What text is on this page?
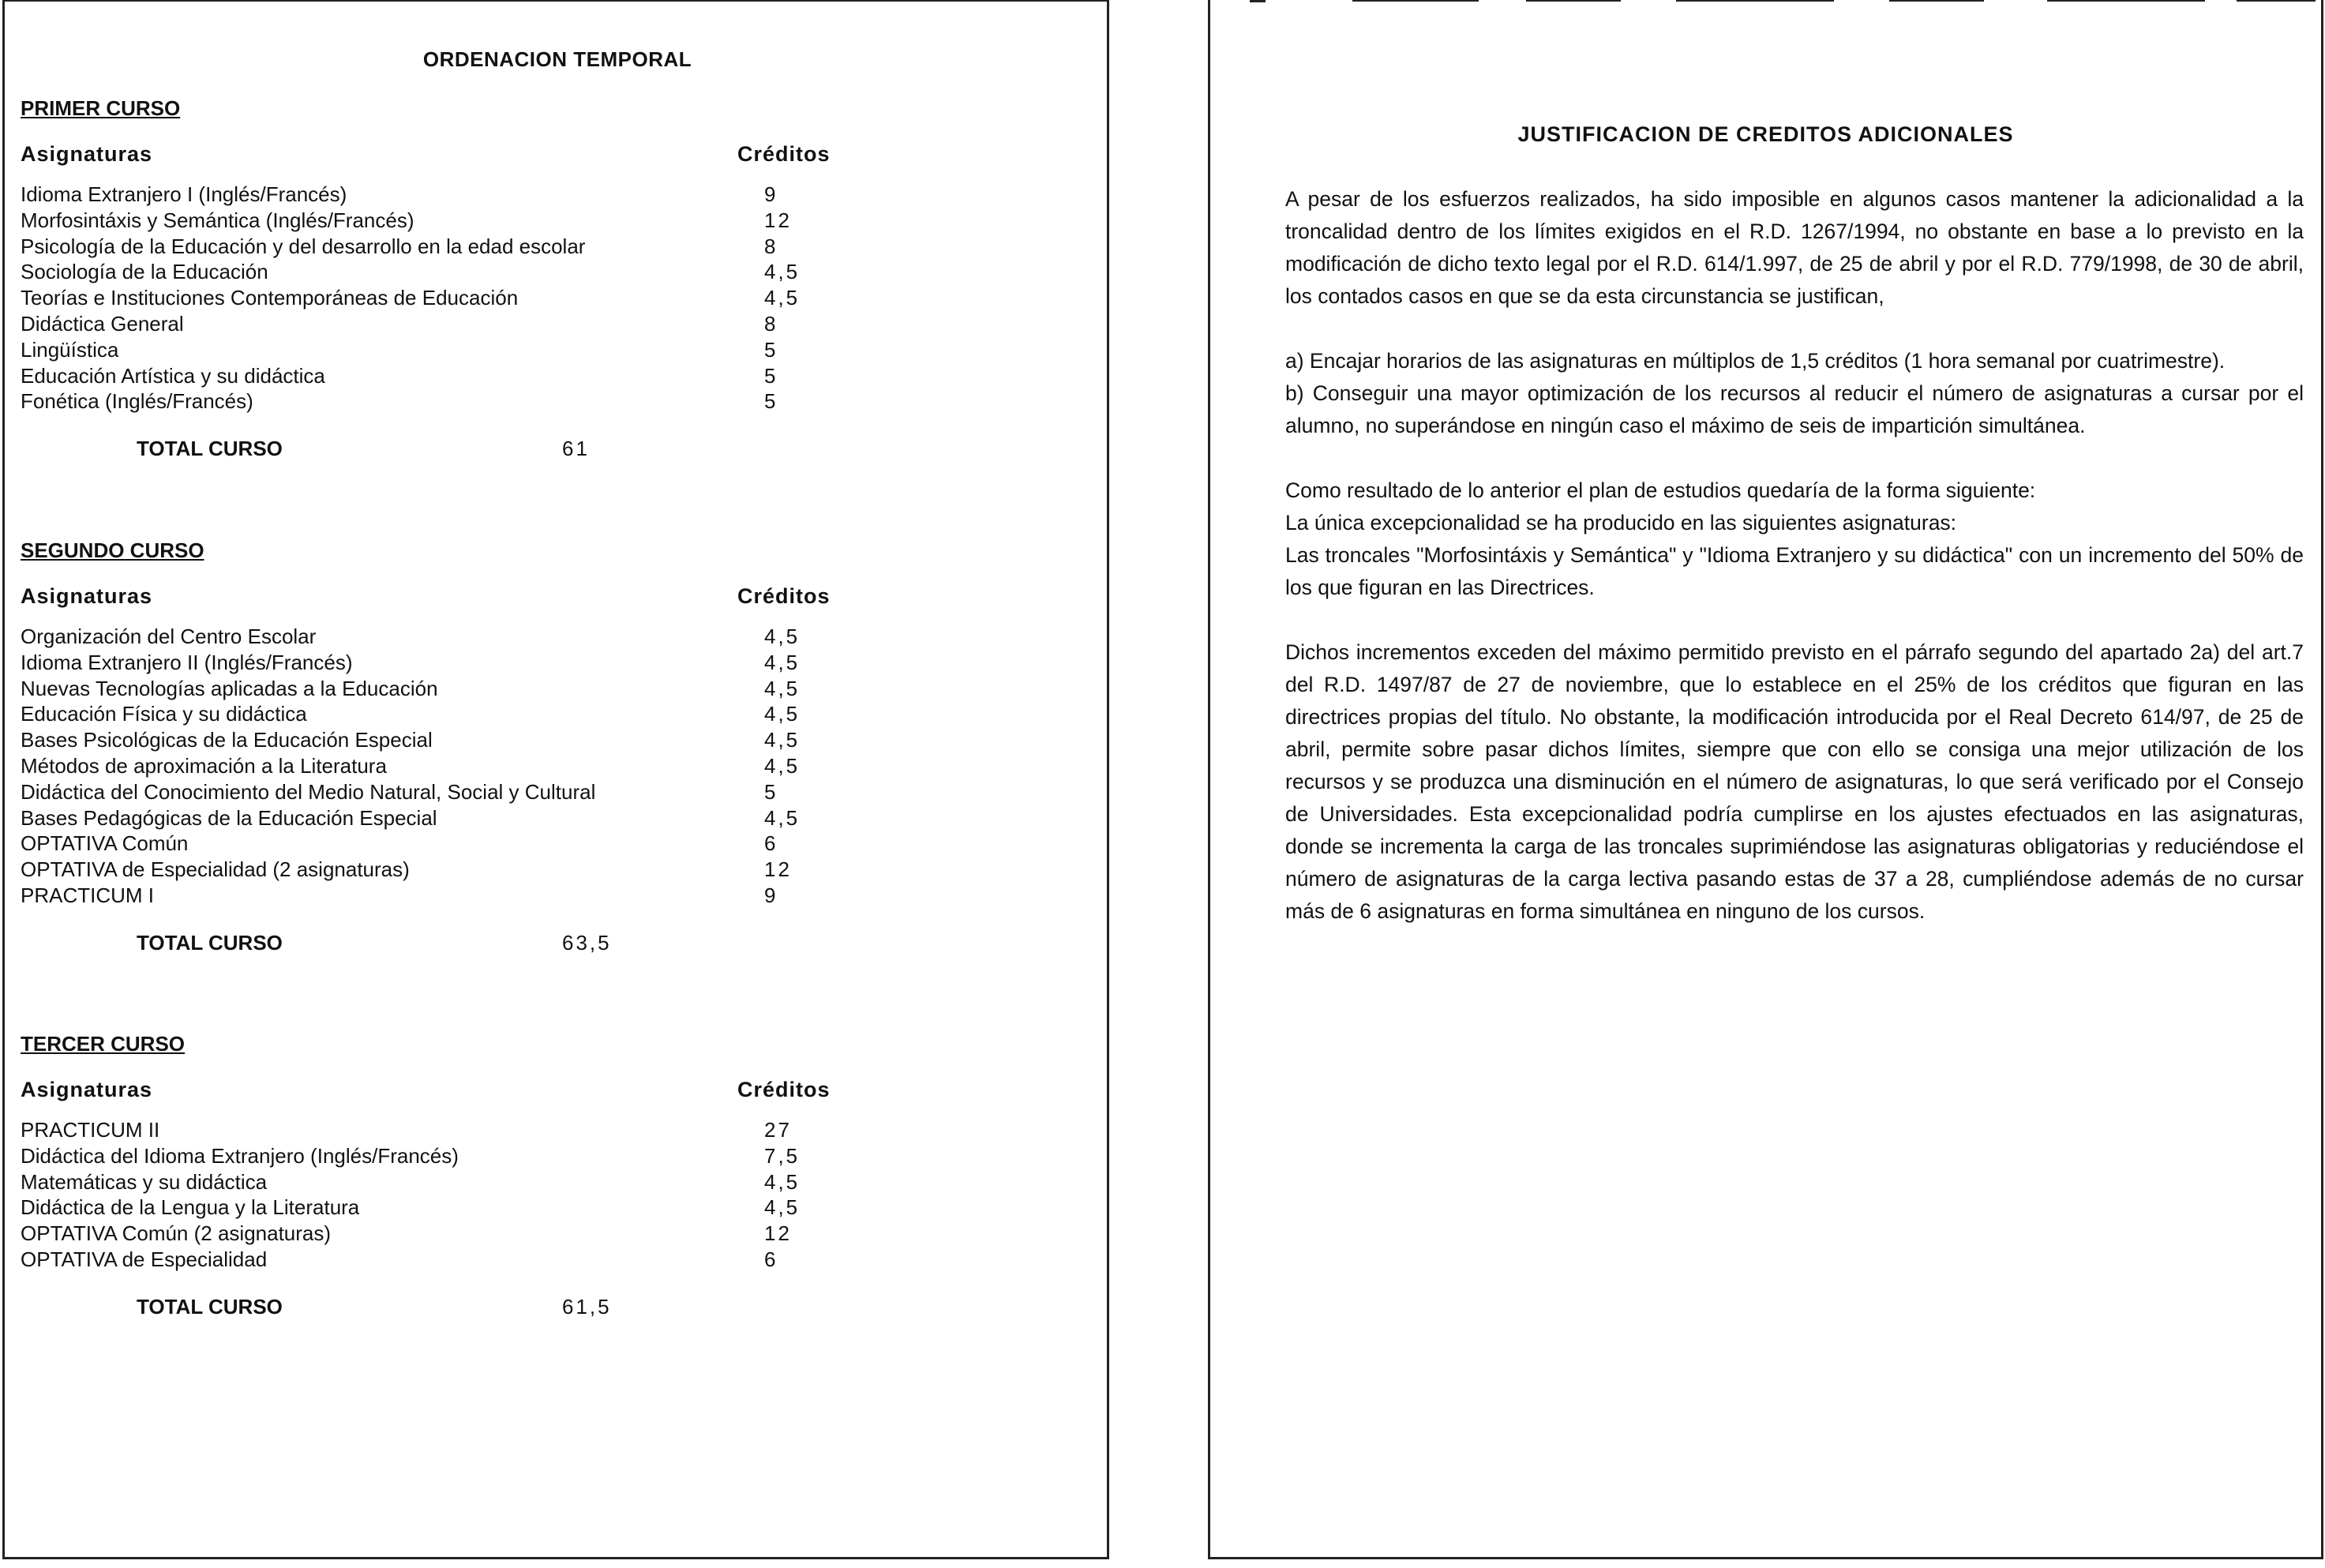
ORDENACION TEMPORAL
PRIMER CURSO
Asignaturas	Créditos
Idioma Extranjero I (Inglés/Francés)	9
Morfosintáxis y Semántica (Inglés/Francés)	12
Psicología de la Educación y del desarrollo en la edad escolar	8
Sociología de la Educación	4,5
Teorías e Instituciones Contemporáneas de Educación	4,5
Didáctica General	8
Lingüística	5
Educación Artística y su didáctica	5
Fonética (Inglés/Francés)	5
TOTAL CURSO	61
SEGUNDO CURSO
Asignaturas	Créditos
Organización del Centro Escolar	4,5
Idioma Extranjero II (Inglés/Francés)	4,5
Nuevas Tecnologías aplicadas a la Educación	4,5
Educación Física y su didáctica	4,5
Bases Psicológicas de la Educación Especial	4,5
Métodos de aproximación a la Literatura	4,5
Didáctica del Conocimiento del Medio Natural, Social y Cultural	5
Bases Pedagógicas de la Educación Especial	4,5
OPTATIVA Común	6
OPTATIVA de Especialidad (2 asignaturas)	12
PRACTICUM I	9
TOTAL CURSO	63,5
TERCER CURSO
Asignaturas	Créditos
PRACTICUM II	27
Didáctica del Idioma Extranjero (Inglés/Francés)	7,5
Matemáticas y su didáctica	4,5
Didáctica de la Lengua y la Literatura	4,5
OPTATIVA Común (2 asignaturas)	12
OPTATIVA de Especialidad	6
TOTAL CURSO	61,5
JUSTIFICACION DE CREDITOS ADICIONALES

A pesar de los esfuerzos realizados, ha sido imposible en algunos casos mantener la adicionalidad a la troncalidad dentro de los límites exigidos en el R.D. 1267/1994, no obstante en base a lo previsto en la modificación de dicho texto legal por el R.D. 614/1.997, de 25 de abril y por el R.D. 779/1998, de 30 de abril, los contados casos en que se da esta circunstancia se justifican,

a) Encajar horarios de las asignaturas en múltiplos de 1,5 créditos (1 hora semanal por cuatrimestre).

b) Conseguir una mayor optimización de los recursos al reducir el número de asignaturas a cursar por el alumno, no superándose en ningún caso el máximo de seis de impartición simultánea.

Como resultado de lo anterior el plan de estudios quedaría de la forma siguiente:

La única excepcionalidad se ha producido en las siguientes asignaturas:

Las troncales "Morfosintáxis y Semántica" y "Idioma Extranjero y su didáctica" con un incremento del 50% de los que figuran en las Directrices.

Dichos incrementos exceden del máximo permitido previsto en el párrafo segundo del apartado 2a) del art.7 del R.D. 1497/87 de 27 de noviembre, que lo establece en el 25% de los créditos que figuran en las directrices propias del título. No obstante, la modificación introducida por el Real Decreto 614/97, de 25 de abril, permite sobre pasar dichos límites, siempre que con ello se consiga una mejor utilización de los recursos y se produzca una disminución en el número de asignaturas, lo que será verificado por el Consejo de Universidades. Esta excepcionalidad podría cumplirse en los ajustes efectuados en las asignaturas, donde se incrementa la carga de las troncales suprimiéndose las asignaturas obligatorias y reduciéndose el número de asignaturas de la carga lectiva pasando estas de 37 a 28, cumpliéndose además de no cursar más de 6 asignaturas en forma simultánea en ninguno de los cursos.
